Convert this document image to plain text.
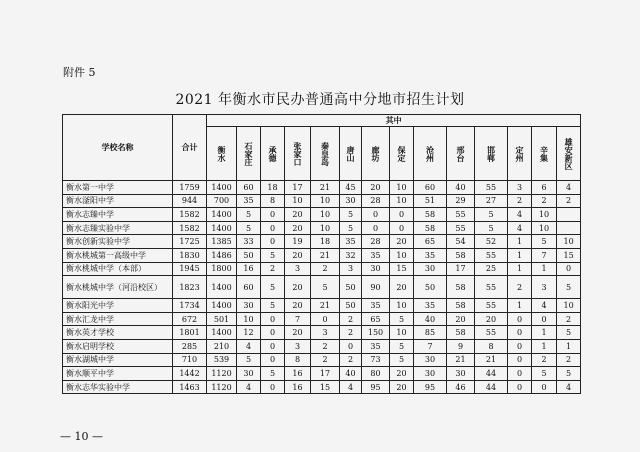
附件 5
2021 年衡水市民办普通高中分地市招生计划
学校名称	合计	其中													

		衡水	石家庄	承德	张家口	秦皇岛	唐山	廊坊	保定	沧州	邢台	邯郸	定州	辛集	雄安新区

衡水第一中学	1759	1400	60	18	17	21	45	20	10	60	40	55	3	6	4
衡水滏阳中学	944	700	35	8	10	10	30	28	10	51	29	27	2	2	2
衡水志臻中学	1582	1400	5	0	20	10	5	0	0	58	55	5	4	10	
衡水志臻实验中学	1582	1400	5	0	20	10	5	0	0	58	55	5	4	10	
衡水创新实验中学	1725	1385	33	0	19	18	35	28	20	65	54	52	1	5	10
衡水桃城第一高级中学	1830	1486	50	5	20	21	32	35	10	35	58	55	1	7	15
衡水桃城中学（本部）	1945	1800	16	2	3	2	3	30	15	30	17	25	1	1	0
衡水桃城中学（河沿校区）	1823	1400	60	5	20	5	50	90	20	50	58	55	2	3	5
衡水阳光中学	1734	1400	30	5	20	21	50	35	10	35	58	55	1	4	10
衡水汇龙中学	672	501	10	0	7	0	2	65	5	40	20	20	0	0	2
衡水英才学校	1801	1400	12	0	20	3	2	150	10	85	58	55	0	1	5
衡水启明学校	285	210	4	0	3	2	0	35	5	7	9	8	0	1	1
衡水湖城中学	710	539	5	0	8	2	2	73	5	30	21	21	0	2	2
衡水顺平中学	1442	1120	30	5	16	17	40	80	20	30	30	44	0	5	5
衡水志华实验中学	1463	1120	4	0	16	15	4	95	20	95	46	44	0	0	4
— 10 —
